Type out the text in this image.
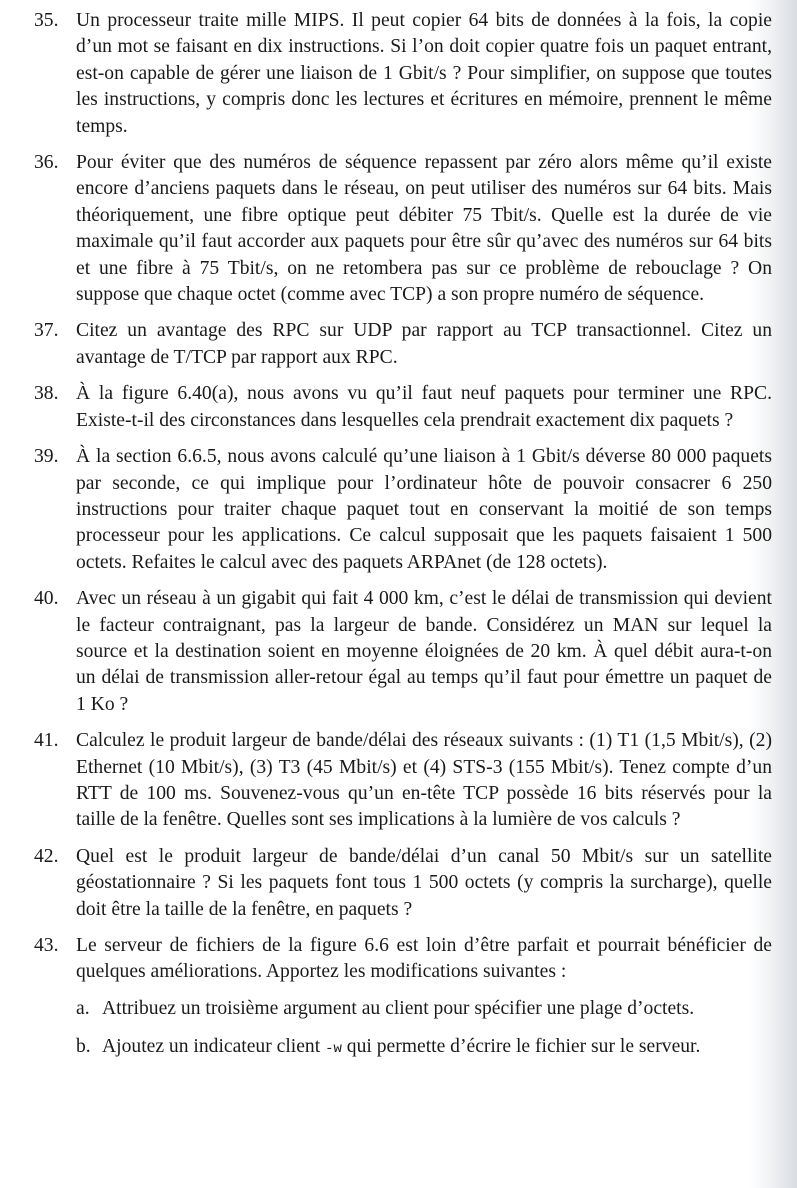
35. Un processeur traite mille MIPS. Il peut copier 64 bits de données à la fois, la copie d’un mot se faisant en dix instructions. Si l’on doit copier quatre fois un paquet entrant, est-on capable de gérer une liaison de 1 Gbit/s ? Pour simplifier, on suppose que toutes les instructions, y compris donc les lectures et écritures en mémoire, prennent le même temps.
36. Pour éviter que des numéros de séquence repassent par zéro alors même qu’il existe encore d’anciens paquets dans le réseau, on peut utiliser des numéros sur 64 bits. Mais théoriquement, une fibre optique peut débiter 75 Tbit/s. Quelle est la durée de vie maximale qu’il faut accorder aux paquets pour être sûr qu’avec des numéros sur 64 bits et une fibre à 75 Tbit/s, on ne retombera pas sur ce problème de rebouclage ? On suppose que chaque octet (comme avec TCP) a son propre numéro de séquence.
37. Citez un avantage des RPC sur UDP par rapport au TCP transactionnel. Citez un avantage de T/TCP par rapport aux RPC.
38. À la figure 6.40(a), nous avons vu qu’il faut neuf paquets pour terminer une RPC. Existe-t-il des circonstances dans lesquelles cela prendrait exactement dix paquets ?
39. À la section 6.6.5, nous avons calculé qu’une liaison à 1 Gbit/s déverse 80 000 paquets par seconde, ce qui implique pour l’ordinateur hôte de pouvoir consacrer 6 250 instructions pour traiter chaque paquet tout en conservant la moitié de son temps processeur pour les applications. Ce calcul supposait que les paquets faisaient 1 500 octets. Refaites le calcul avec des paquets ARPAnet (de 128 octets).
40. Avec un réseau à un gigabit qui fait 4 000 km, c’est le délai de transmission qui devient le facteur contraignant, pas la largeur de bande. Considérez un MAN sur lequel la source et la destination soient en moyenne éloignées de 20 km. À quel débit aura-t-on un délai de transmission aller-retour égal au temps qu’il faut pour émettre un paquet de 1 Ko ?
41. Calculez le produit largeur de bande/délai des réseaux suivants : (1) T1 (1,5 Mbit/s), (2) Ethernet (10 Mbit/s), (3) T3 (45 Mbit/s) et (4) STS-3 (155 Mbit/s). Tenez compte d’un RTT de 100 ms. Souvenez-vous qu’un en-tête TCP possède 16 bits réservés pour la taille de la fenêtre. Quelles sont ses implications à la lumière de vos calculs ?
42. Quel est le produit largeur de bande/délai d’un canal 50 Mbit/s sur un satellite géostationnaire ? Si les paquets font tous 1 500 octets (y compris la surcharge), quelle doit être la taille de la fenêtre, en paquets ?
43. Le serveur de fichiers de la figure 6.6 est loin d’être parfait et pourrait bénéficier de quelques améliorations. Apportez les modifications suivantes :
a. Attribuez un troisième argument au client pour spécifier une plage d’octets.
b. Ajoutez un indicateur client -w qui permette d’écrire le fichier sur le serveur.
